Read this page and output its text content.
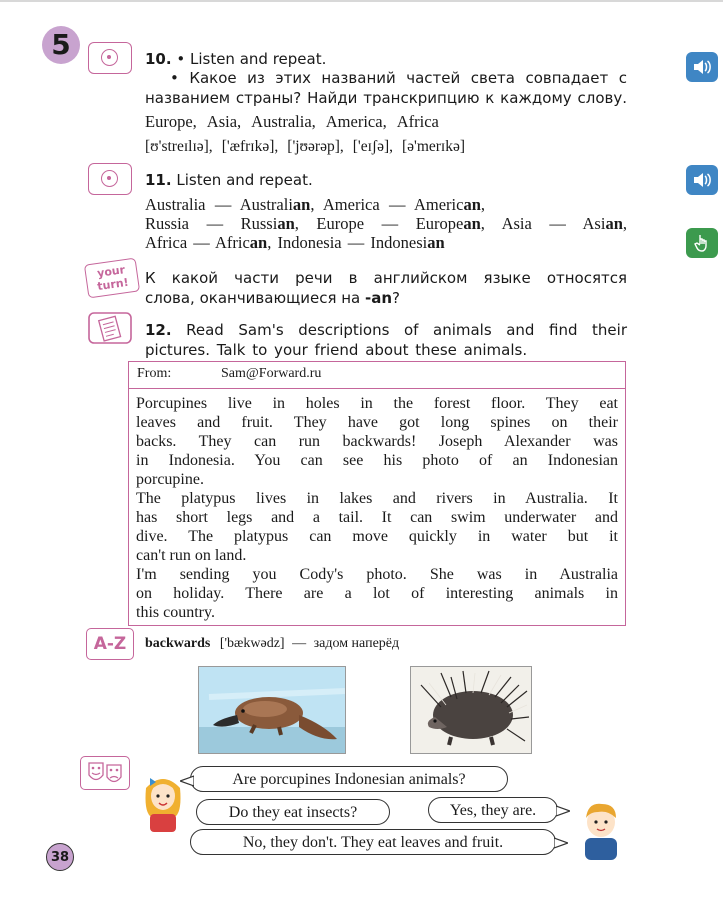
5	10. • Listen and repeat.
• Какое из этих названий частей света совпадает с
названием страны? Найди транскрипцию к каждому слову.
Europe, Asia, Australia, America, Africa
[ʊ'streɪlɪə], ['æfrɪkə], ['jʊərəp], ['eɪʃə], [ə'merɪkə]
11. Listen and repeat.
Australia — Australian, America — American,
Russia — Russian, Europe — European, Asia — Asian,
Africa — African, Indonesia — Indonesian
your turn!	К какой части речи в английском языке относятся
слова, оканчивающиеся на -an?
12. Read Sam's descriptions of animals and find their
pictures. Talk to your friend about these animals.
From:	Sam@Forward.ru

Porcupines live in holes in the forest floor. They eat

leaves and fruit. They have got long spines on their

backs. They can run backwards! Joseph Alexander was

in Indonesia. You can see his photo of an Indonesian

porcupine.

The platypus lives in lakes and rivers in Australia. It

has short legs and a tail. It can swim underwater and

dive. The platypus can move quickly in water but it

can't run on land.

I'm sending you Cody's photo. She was in Australia

on holiday. There are a lot of interesting animals in

this country.

A-Z	backwards ['bækwədz] — задом наперёд
Are porcupines Indonesian animals?
Do they eat insects?	Yes, they are.
No, they don't. They eat leaves and fruit.
38
